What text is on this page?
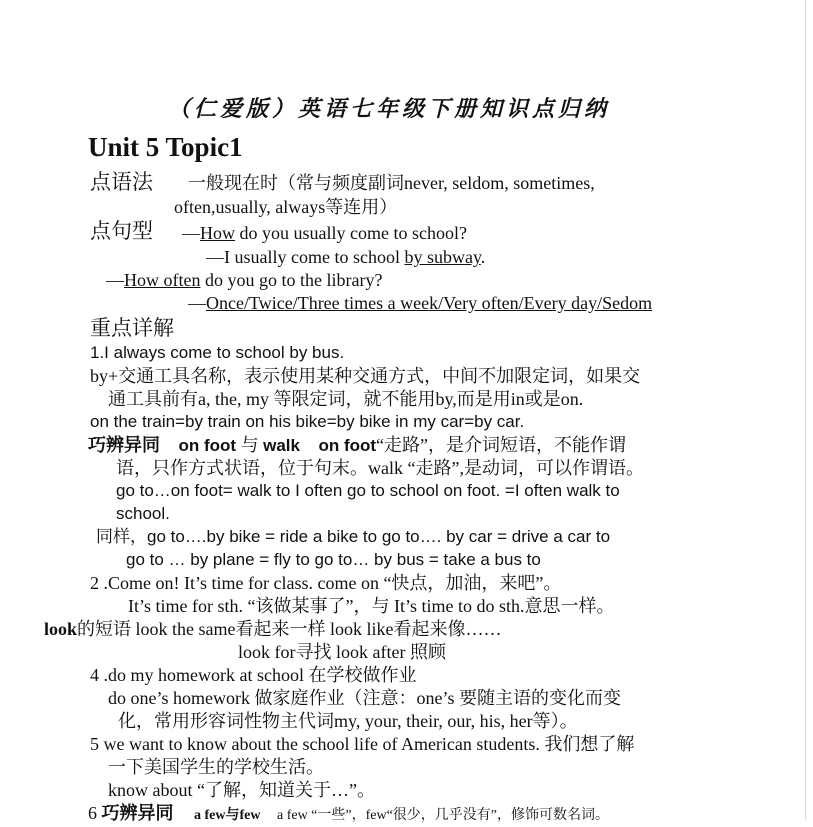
（仁爱版）英语七年级下册知识点归纳
Unit 5 Topic1
点语法 一般现在时（常与频度副词never, seldom, sometimes,
often,usually, always等连用）
点句型 —How do you usually come to school?
—I usually come to school by subway.
—How often do you go to the library?
—Once/Twice/Three times a week/Very often/Every day/Sedom
重点详解
1.I always come to school by bus.
by+交通工具名称，表示使用某种交通方式，中间不加限定词，如果交
通工具前有a, the, my 等限定词，就不能用by,而是用in或是on.
on the train=by train on his bike=by bike in my car=by car.
巧辨异同 on foot 与 walk on foot“走路”，是介词短语，不能作谓
语，只作方式状语，位于句末。walk “走路”,是动词，可以作谓语。
go to…on foot= walk to I often go to school on foot. =I often walk to
school.
同样，go to….by bike = ride a bike to go to…. by car = drive a car to
go to … by plane = fly to go to… by bus = take a bus to
2 .Come on! It’s time for class. come on “快点，加油，来吧”。
It’s time for sth. “该做某事了”，与 It’s time to do sth.意思一样。
look的短语 look the same看起来一样 look like看起来像……
look for寻找 look after 照顾
4 .do my homework at school 在学校做作业
do one’s homework 做家庭作业（注意：one’s 要随主语的变化而变
化，常用形容词性物主代词my, your, their, our, his, her等）。
5 we want to know about the school life of American students. 我们想了解
一下美国学生的学校生活。
know about “了解，知道关于…”。
6 巧辨异同 a few与few a few “一些”，few“很少，几乎没有”，修饰可数名词。
